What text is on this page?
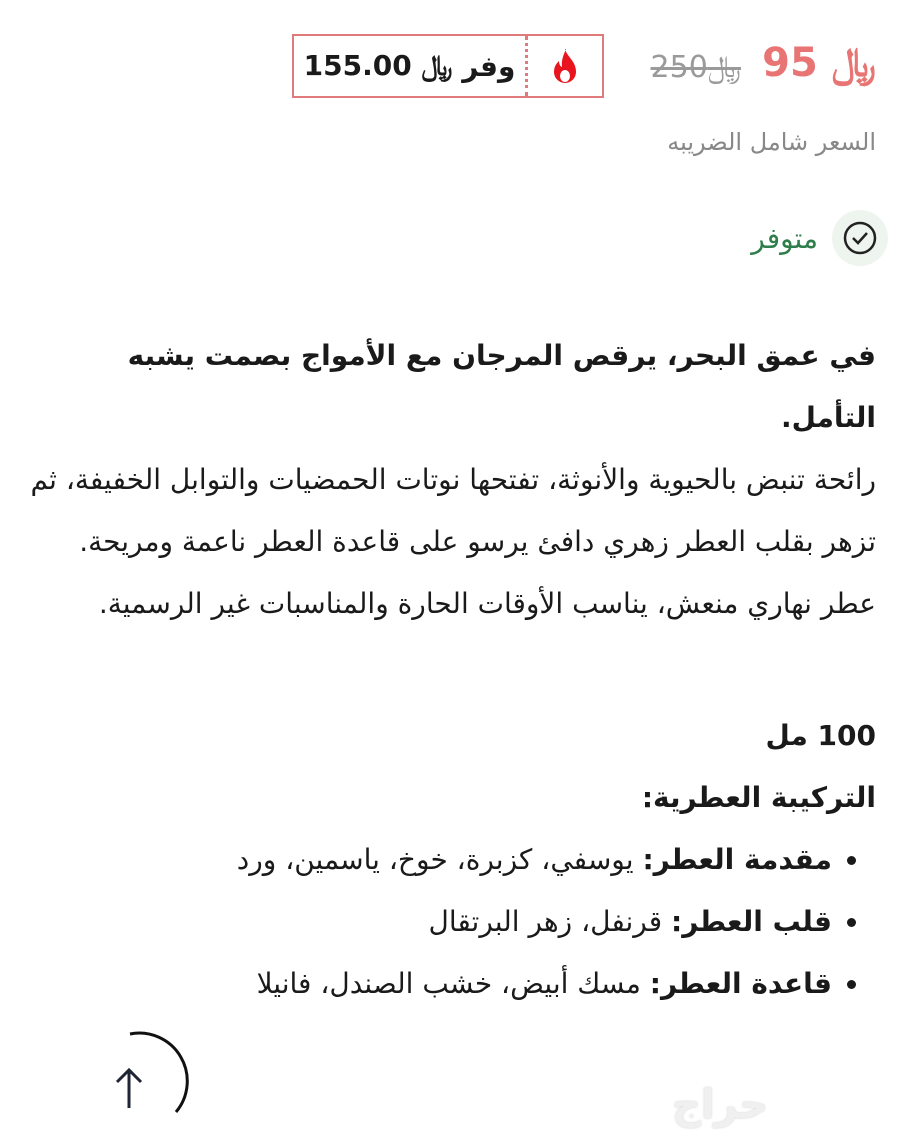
95 ﷼
﷼250
وفر

155.00 ﷼
السعر شامل الضريبه
متوفر
في عمق البحر، يرقص المرجان مع الأمواج بصمت يشبه التأمل.
رائحة تنبض بالحيوية والأنوثة، تفتحها نوتات الحمضيات والتوابل الخفيفة، ثم تزهر بقلب العطر زهري دافئ يرسو على قاعدة العطر ناعمة ومريحة. عطر نهاري منعش، يناسب الأوقات الحارة والمناسبات غير الرسمية.
100 مل
التركيبة العطرية:
• مقدمة العطر: يوسفي، كزبرة، خوخ، ياسمين، ورد
• قلب العطر: قرنفل، زهر البرتقال
• قاعدة العطر: مسك أبيض، خشب الصندل، فانيلا
حراج
